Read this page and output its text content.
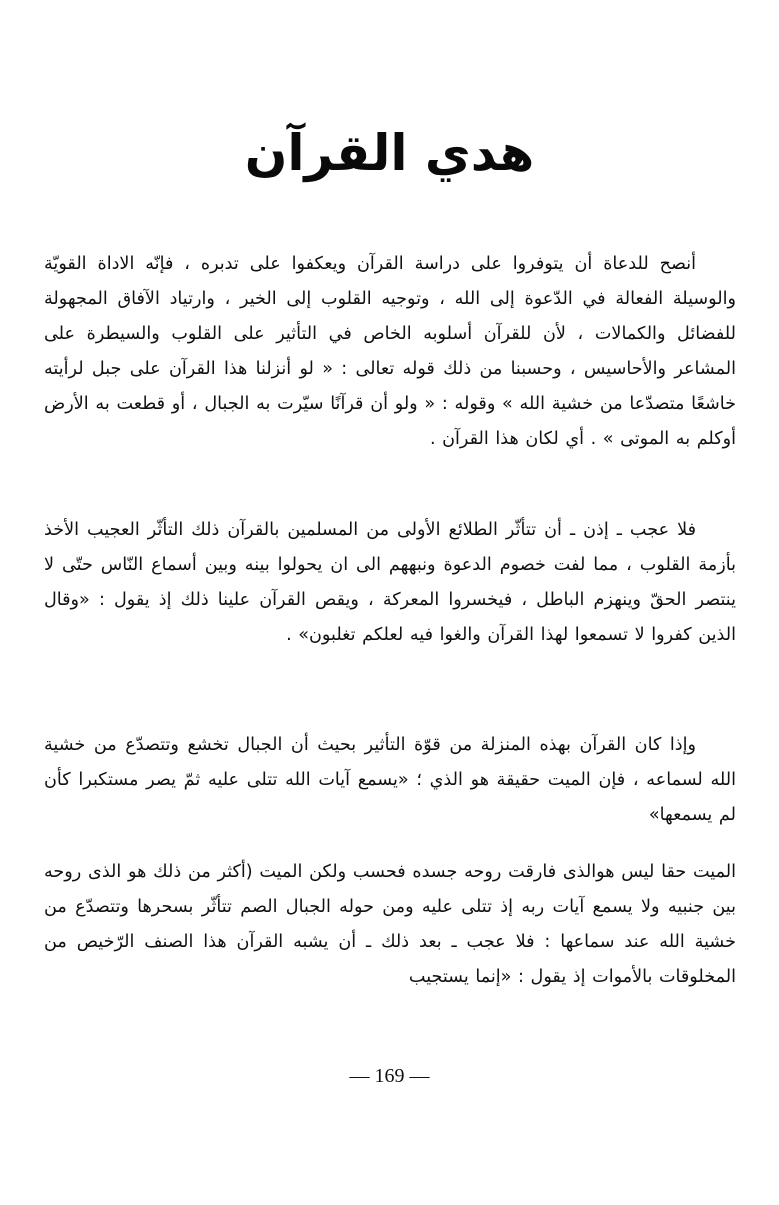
هدي القرآن
أنصح للدعاة أن يتوفروا على دراسة القرآن ويعكفوا على تدبره ، فإنّه الاداة القويّة والوسيلة الفعالة في الدّعوة إلى الله ، وتوجيه القلوب إلى الخير ، وارتياد الآفاق المجهولة للفضائل والكمالات ، لأن للقرآن أسلوبه الخاص في التأثير على القلوب والسيطرة على المشاعر والأحاسيس ، وحسبنا من ذلك قوله تعالى : « لو أنزلنا هذا القرآن على جبل لرأيته خاشعًا متصدّعا من خشية الله » وقوله : « ولو أن قرآنًا سيّرت به الجبال ، أو قطعت به الأرض أوكلم به الموتى » . أي لكان هذا القرآن .
فلا عجب ـ إذن ـ أن تتأثّر الطلائع الأولى من المسلمين بالقرآن ذلك التأثّر العجيب الأخذ بأزمة القلوب ، مما لفت خصوم الدعوة ونبههم الى ان يحولوا بينه وبين أسماع النّاس حتّى لا ينتصر الحقّ وينهزم الباطل ، فيخسروا المعركة ، ويقص القرآن علينا ذلك إذ يقول : «وقال الذين كفروا لا تسمعوا لهذا القرآن والغوا فيه لعلكم تغلبون» .
وإذا كان القرآن بهذه المنزلة من قوّة التأثير بحيث أن الجبال تخشع وتتصدّع من خشية الله لسماعه ، فإن الميت حقيقة هو الذي ؛ «يسمع آيات الله تتلى عليه ثمّ يصر مستكبرا كأن لم يسمعها»
الميت حقا ليس هوالذى فارقت روحه جسده فحسب ولكن الميت (أكثر من ذلك هو الذى روحه بين جنبيه ولا يسمع آيات ربه إذ تتلى عليه ومن حوله الجبال الصم تتأثّر بسحرها وتتصدّع من خشية الله عند سماعها : فلا عجب ـ بعد ذلك ـ أن يشبه القرآن هذا الصنف الرّخيص من المخلوقات بالأموات إذ يقول : «إنما يستجيب
— 169 —
